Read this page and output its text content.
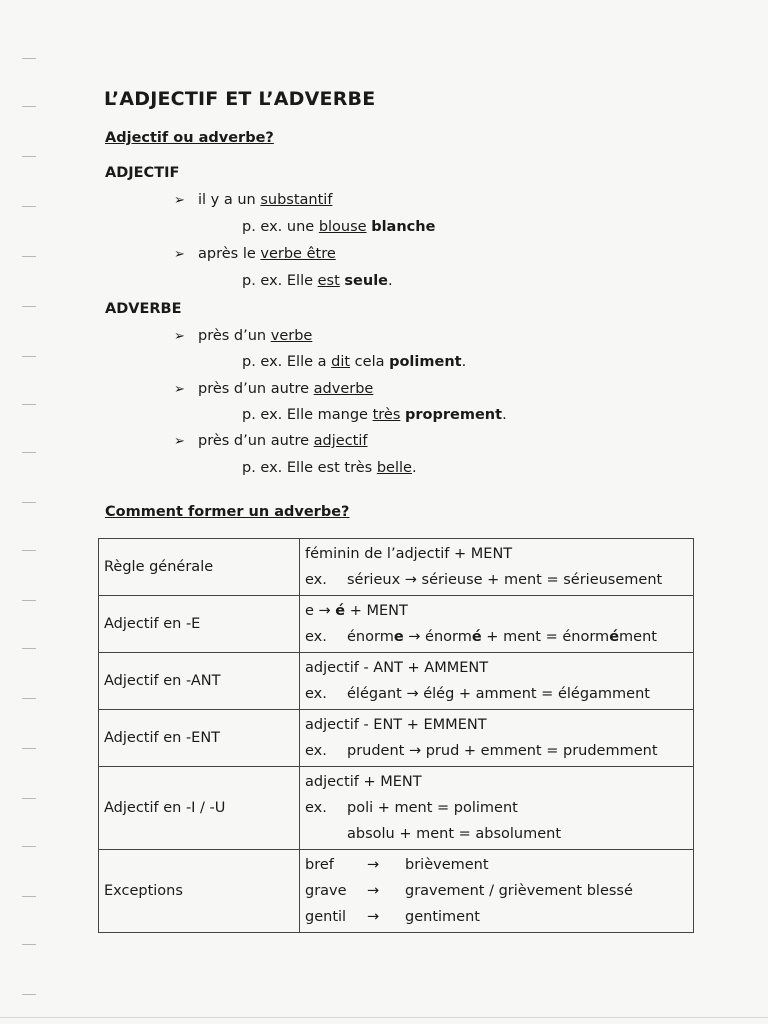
L’ADJECTIF ET L’ADVERBE
Adjectif ou adverbe?
ADJECTIF
➢ il y a un substantif
p. ex. une blouse blanche
➢ après le verbe être
p. ex. Elle est seule.
ADVERBE
➢ près d’un verbe
p. ex. Elle a dit cela poliment.
➢ près d’un autre adverbe
p. ex. Elle mange très proprement.
➢ près d’un autre adjectif
p. ex. Elle est très belle.
Comment former un adverbe?
Règle générale	féminin de l’adjectif + MENT
ex. sérieux → sérieuse + ment = sérieusement

Adjectif en -E	e → é + MENT
ex. énorme → énormé + ment = énormément

Adjectif en -ANT	adjectif - ANT + AMMENT
ex. élégant → élég + amment = élégamment

Adjectif en -ENT	adjectif - ENT + EMMENT
ex. prudent → prud + emment = prudemment

Adjectif en -I / -U	adjectif + MENT
ex. poli + ment = poliment
absolu + ment = absolument

Exceptions	bref → brièvement
grave → gravement / grièvement blessé
gentil → gentiment
